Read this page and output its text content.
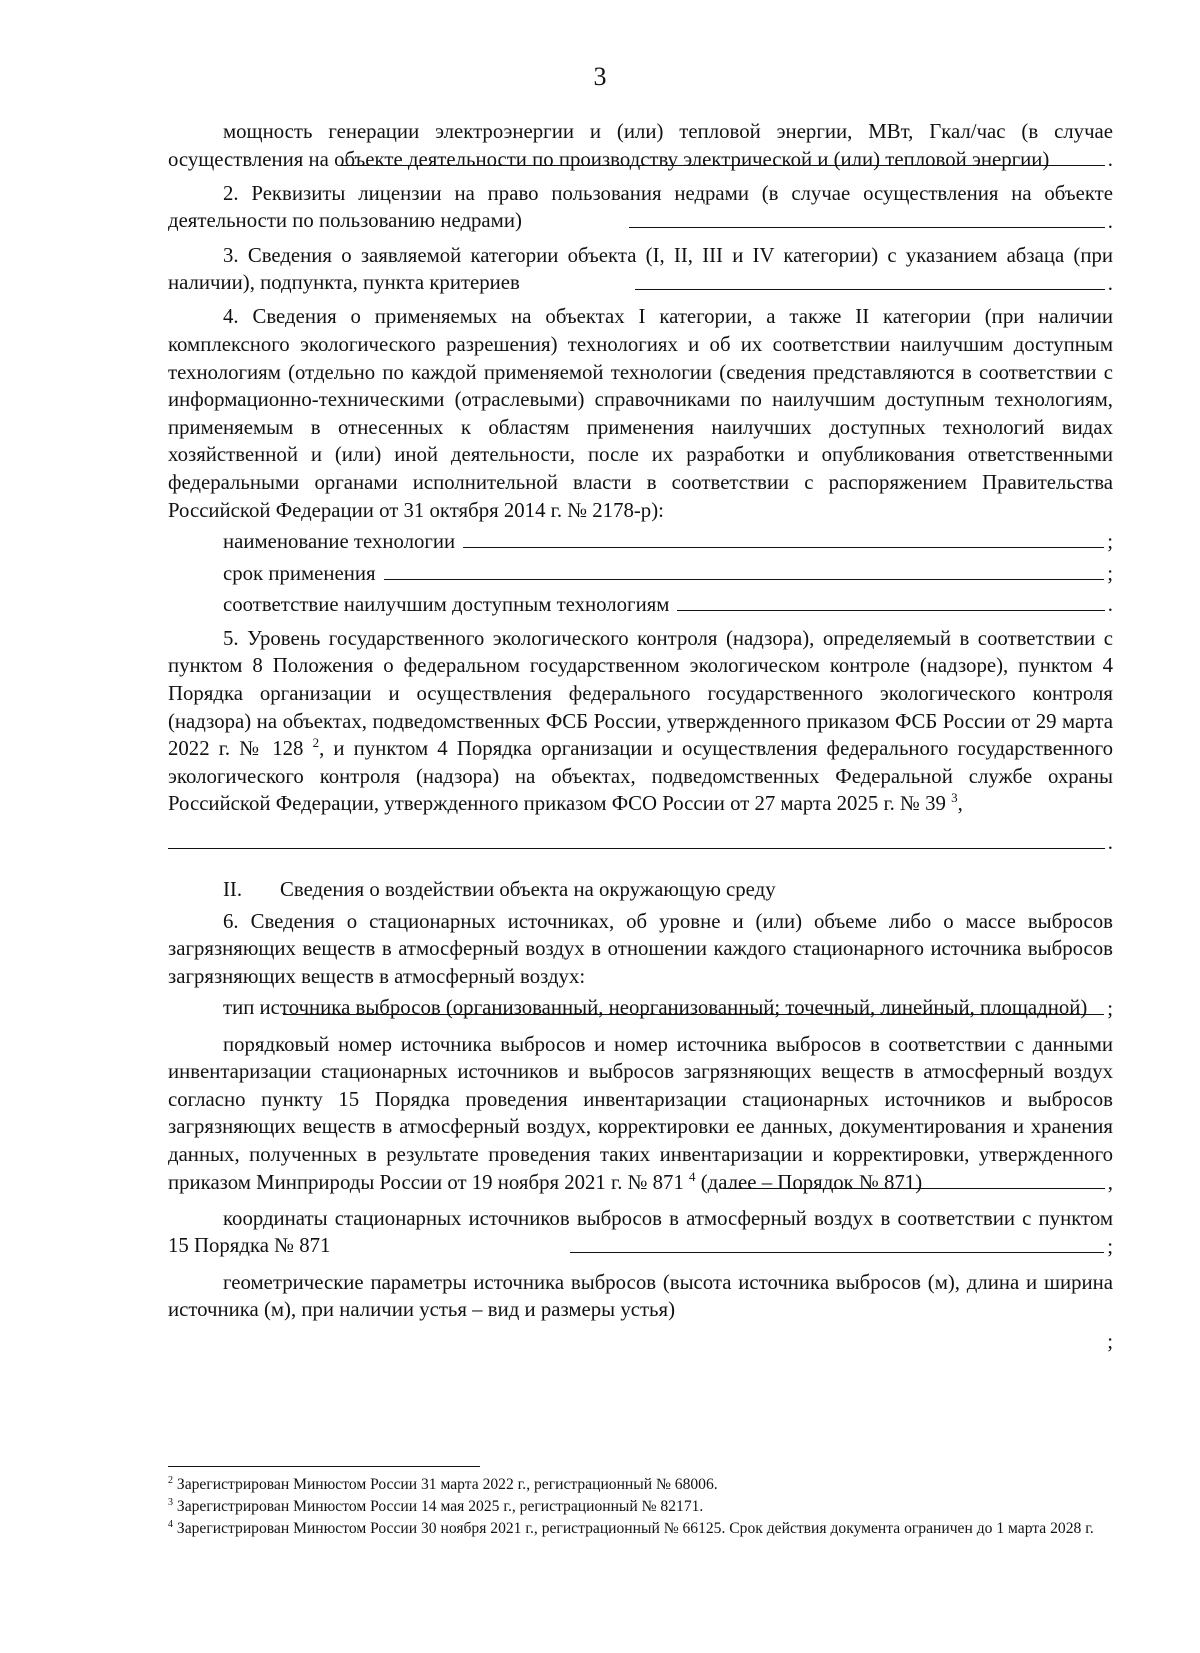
3
мощность генерации электроэнергии и (или) тепловой энергии, МВт, Гкал/час (в случае осуществления на объекте деятельности по производству электрической и (или) тепловой энергии)	.
2. Реквизиты лицензии на право пользования недрами (в случае осуществления на объекте деятельности по пользованию недрами)	.
3. Сведения о заявляемой категории объекта (I, II, III и IV категории) с указанием абзаца (при наличии), подпункта, пункта критериев	.
4. Сведения о применяемых на объектах I категории, а также II категории (при наличии комплексного экологического разрешения) технологиях и об их соответствии наилучшим доступным технологиям (отдельно по каждой применяемой технологии (сведения представляются в соответствии с информационно-техническими (отраслевыми) справочниками по наилучшим доступным технологиям, применяемым в отнесенных к областям применения наилучших доступных технологий видах хозяйственной и (или) иной деятельности, после их разработки и опубликования ответственными федеральными органами исполнительной власти в соответствии с распоряжением Правительства Российской Федерации от 31 октября 2014 г. № 2178-р):
наименование технологии	;
срок применения	;
соответствие наилучшим доступным технологиям	.
5. Уровень государственного экологического контроля (надзора), определяемый в соответствии с пунктом 8 Положения о федеральном государственном экологическом контроле (надзоре), пунктом 4 Порядка организации и осуществления федерального государственного экологического контроля (надзора) на объектах, подведомственных ФСБ России, утвержденного приказом ФСБ России от 29 марта 2022 г. № 128 $^2$, и пунктом 4 Порядка организации и осуществления федерального государственного экологического контроля (надзора) на объектах, подведомственных Федеральной службе охраны Российской Федерации, утвержденного приказом ФСО России от 27 марта 2025 г. № 39 $^3$,
.
II.	Сведения о воздействии объекта на окружающую среду
6. Сведения о стационарных источниках, об уровне и (или) объеме либо о массе выбросов загрязняющих веществ в атмосферный воздух в отношении каждого стационарного источника выбросов загрязняющих веществ в атмосферный воздух:
тип источника выбросов (организованный, неорганизованный; точечный, линейный, площадной) ;
порядковый номер источника выбросов и номер источника выбросов в соответствии с данными инвентаризации стационарных источников и выбросов загрязняющих веществ в атмосферный воздух согласно пункту 15 Порядка проведения инвентаризации стационарных источников и выбросов загрязняющих веществ в атмосферный воздух, корректировки ее данных, документирования и хранения данных, полученных в результате проведения таких инвентаризации и корректировки, утвержденного приказом Минприроды России от 19 ноября 2021 г. № 871 $^4$ (далее – Порядок № 871)	,
координаты стационарных источников выбросов в атмосферный воздух в соответствии с пунктом 15 Порядка № 871	;
геометрические параметры источника выбросов (высота источника выбросов (м), длина и ширина источника (м), при наличии устья – вид и размеры устья)
;

$^2$ Зарегистрирован Минюстом России 31 марта 2022 г., регистрационный № 68006.

$^3$ Зарегистрирован Минюстом России 14 мая 2025 г., регистрационный № 82171.

$^4$ Зарегистрирован Минюстом России 30 ноября 2021 г., регистрационный № 66125. Срок действия документа ограничен до 1 марта 2028 г.
